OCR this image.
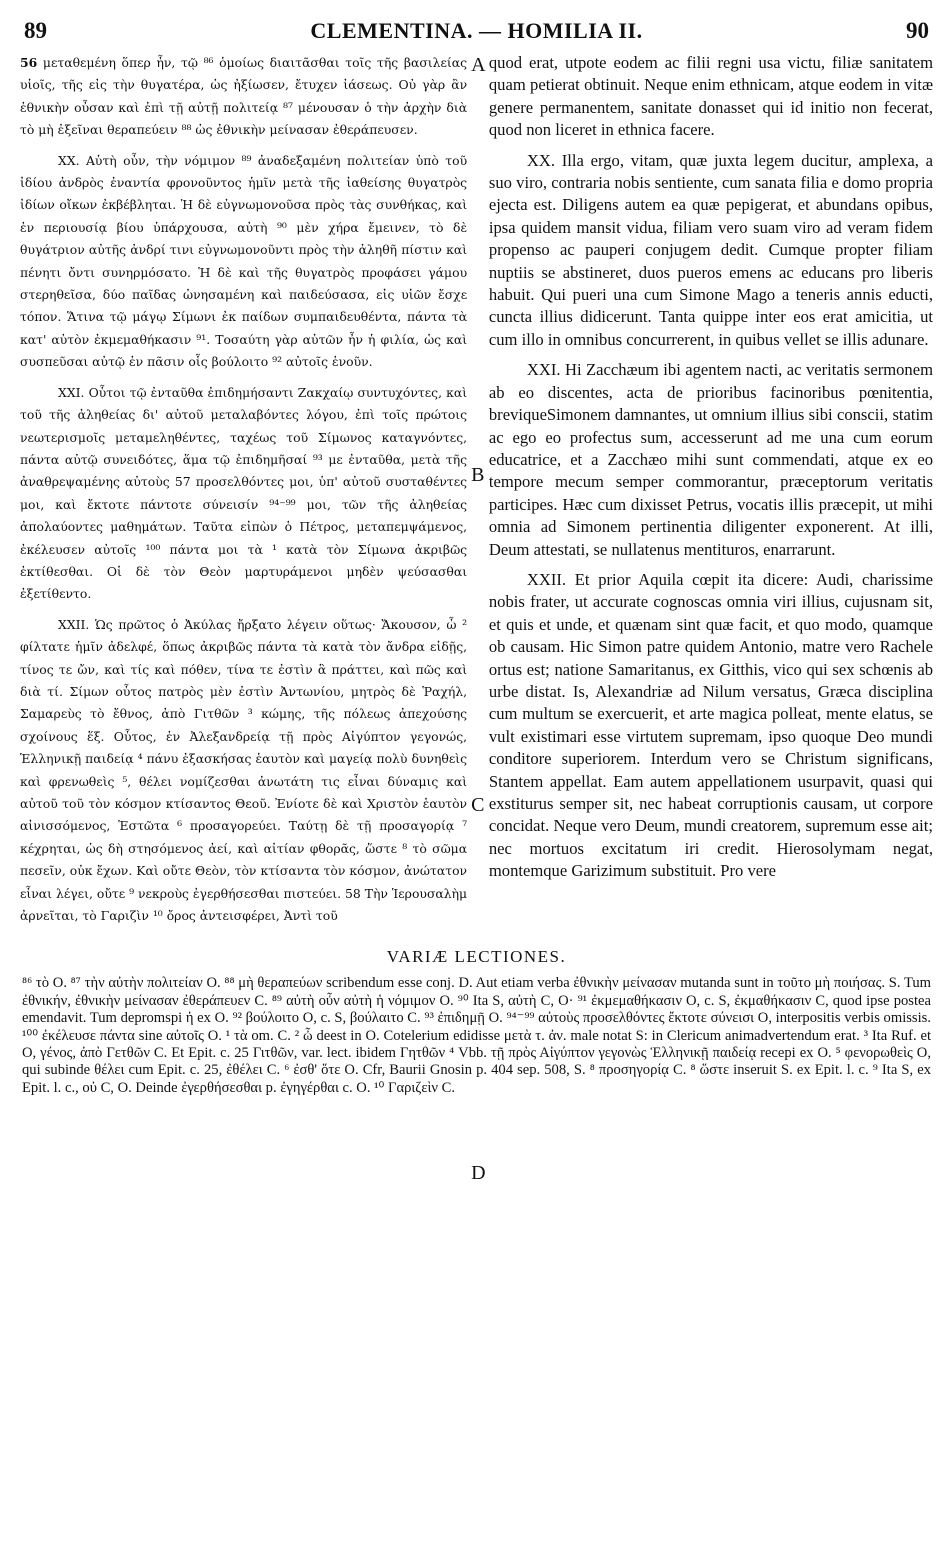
89	CLEMENTINA. — HOMILIA II.	90

56 μεταθεμένη ὅπερ ἦν, τῷ ⁸⁶ ὁμοίως διαιτᾶσθαι τοῖς τῆς βασιλείας υἱοῖς, τῆς εἰς τὴν θυγατέρα, ὡς ἠξίωσεν, ἔτυχεν ἰάσεως. Οὐ γὰρ ἂν ἐθνικὴν οὖσαν καὶ ἐπὶ τῇ αὐτῇ πολιτείᾳ ⁸⁷ μένουσαν ὁ τὴν ἀρχὴν διὰ τὸ μὴ ἐξεῖναι θεραπεύειν ⁸⁸ ὡς ἐθνικὴν μείνασαν ἐθεράπευσεν.

XX. Αὐτὴ οὖν, τὴν νόμιμον ⁸⁹ ἀναδεξαμένη πολιτείαν ὑπὸ τοῦ ἰδίου ἀνδρὸς ἐναντία φρονοῦντος ἡμῖν μετὰ τῆς ἰαθείσης θυγατρὸς ἰδίων οἴκων ἐκβέβληται. Ἡ δὲ εὐγνωμονοῦσα πρὸς τὰς συνθήκας, καὶ ἐν περιουσίᾳ βίου ὑπάρχουσα, αὐτὴ ⁹⁰ μὲν χήρα ἔμεινεν, τὸ δὲ θυγάτριον αὐτῆς ἀνδρί τινι εὐγνωμονοῦντι πρὸς τὴν ἀληθῆ πίστιν καὶ πένητι ὄντι συνηρμόσατο. Ἡ δὲ καὶ τῆς θυγατρὸς προφάσει γάμου στερηθεῖσα, δύο παῖδας ὠνησαμένη καὶ παιδεύσασα, εἰς υἱῶν ἔσχε τόπον. Ἅτινα τῷ μάγῳ Σίμωνι ἐκ παίδων συμπαιδευθέντα, πάντα τὰ κατ' αὐτὸν ἐκμεμαθήκασιν ⁹¹. Τοσαύτη γὰρ αὐτῶν ἦν ἡ φιλία, ὡς καὶ συσπεῦσαι αὐτῷ ἐν πᾶσιν οἷς βούλοιτο ⁹² αὐτοῖς ἑνοῦν.

XXI. Οὗτοι τῷ ἐνταῦθα ἐπιδημήσαντι Ζακχαίῳ συντυχόντες, καὶ τοῦ τῆς ἀληθείας δι' αὐτοῦ μεταλαβόντες λόγου, ἐπὶ τοῖς πρώτοις νεωτερισμοῖς μεταμεληθέντες, ταχέως τοῦ Σίμωνος καταγνόντες, πάντα αὐτῷ συνειδότες, ἅμα τῷ ἐπιδημῆσαί ⁹³ με ἐνταῦθα, μετὰ τῆς ἀναθρεψαμένης αὐτοὺς 57 προσελθόντες μοι, ὑπ' αὐτοῦ συσταθέντες μοι, καὶ ἔκτοτε πάντοτε σύνεισίν ⁹⁴⁻⁹⁹ μοι, τῶν τῆς ἀληθείας ἀπολαύοντες μαθημάτων. Ταῦτα εἰπὼν ὁ Πέτρος, μεταπεμψάμενος, ἐκέλευσεν αὐτοῖς ¹⁰⁰ πάντα μοι τὰ ¹ κατὰ τὸν Σίμωνα ἀκριβῶς ἐκτίθεσθαι. Οἱ δὲ τὸν Θεὸν μαρτυράμενοι μηδὲν ψεύσασθαι ἐξετίθεντο.

XXII. Ὡς πρῶτος ὁ Ἀκύλας ἤρξατο λέγειν οὕτως· Ἄκουσον, ὦ ² φίλτατε ἡμῖν ἀδελφέ, ὅπως ἀκριβῶς πάντα τὰ κατὰ τὸν ἄνδρα εἰδῇς, τίνος τε ὤν, καὶ τίς καὶ πόθεν, τίνα τε ἐστὶν ἃ πράττει, καὶ πῶς καὶ διὰ τί. Σίμων οὗτος πατρὸς μὲν ἐστὶν Ἀντωνίου, μητρὸς δὲ Ῥαχήλ, Σαμαρεὺς τὸ ἔθνος, ἀπὸ Γιτθῶν ³ κώμης, τῆς πόλεως ἀπεχούσης σχοίνους ἕξ. Οὗτος, ἐν Ἀλεξανδρείᾳ τῇ πρὸς Αἰγύπτον γεγονώς, Ἑλληνικῇ παιδείᾳ ⁴ πάνυ ἐξασκήσας ἑαυτὸν καὶ μαγείᾳ πολὺ δυνηθεὶς καὶ φρενωθεὶς ⁵, θέλει νομίζεσθαι ἀνωτάτη τις εἶναι δύναμις καὶ αὐτοῦ τοῦ τὸν κόσμον κτίσαντος Θεοῦ. Ἐνίοτε δὲ καὶ Χριστὸν ἑαυτὸν αἰνισσόμενος, Ἑστῶτα ⁶ προσαγορεύει. Ταύτῃ δὲ τῇ προσαγορίᾳ ⁷ κέχρηται, ὡς δὴ στησόμενος ἀεί, καὶ αἰτίαν φθορᾶς, ὥστε ⁸ τὸ σῶμα πεσεῖν, οὐκ ἔχων. Καὶ οὔτε Θεὸν, τὸν κτίσαντα τὸν κόσμον, ἀνώτατον εἶναι λέγει, οὔτε ⁹ νεκροὺς ἐγερθήσεσθαι πιστεύει. 58 Τὴν Ἱερουσαλὴμ ἀρνεῖται, τὸ Γαριζὶν ¹⁰ ὄρος ἀντεισφέρει, Ἀντὶ τοῦ

A
B
C
D

quod erat, utpote eodem ac filii regni usa victu, filiæ sanitatem quam petierat obtinuit. Neque enim ethnicam, atque eodem in vitæ genere permanentem, sanitate donasset qui id initio non fecerat, quod non liceret in ethnica facere.

XX. Illa ergo, vitam, quæ juxta legem ducitur, amplexa, a suo viro, contraria nobis sentiente, cum sanata filia e domo propria ejecta est. Diligens autem ea quæ pepigerat, et abundans opibus, ipsa quidem mansit vidua, filiam vero suam viro ad veram fidem propenso ac pauperi conjugem dedit. Cumque propter filiam nuptiis se abstineret, duos pueros emens ac educans pro liberis habuit. Qui pueri una cum Simone Mago a teneris annis educti, cuncta illius didicerunt. Tanta quippe inter eos erat amicitia, ut cum illo in omnibus concurrerent, in quibus vellet se illis adunare.

XXI. Hi Zacchæum ibi agentem nacti, ac veritatis sermonem ab eo discentes, acta de prioribus facinoribus pœnitentia, breviqueSimonem damnantes, ut omnium illius sibi conscii, statim ac ego eo profectus sum, accesserunt ad me una cum eorum educatrice, et a Zacchæo mihi sunt commendati, atque ex eo tempore mecum semper commorantur, præceptorum veritatis participes. Hæc cum dixisset Petrus, vocatis illis præcepit, ut mihi omnia ad Simonem pertinentia diligenter exponerent. At illi, Deum attestati, se nullatenus mentituros, enarrarunt.

XXII. Et prior Aquila cœpit ita dicere: Audi, charissime nobis frater, ut accurate cognoscas omnia viri illius, cujusnam sit, et quis et unde, et quænam sint quæ facit, et quo modo, quamque ob causam. Hic Simon patre quidem Antonio, matre vero Rachele ortus est; natione Samaritanus, ex Gitthis, vico qui sex schœnis ab urbe distat. Is, Alexandriæ ad Nilum versatus, Græca disciplina cum multum se exercuerit, et arte magica polleat, mente elatus, se vult existimari esse virtutem supremam, ipso quoque Deo mundi conditore superiorem. Interdum vero se Christum significans, Stantem appellat. Eam autem appellationem usurpavit, quasi qui exstiturus semper sit, nec habeat corruptionis causam, ut corpore concidat. Neque vero Deum, mundi creatorem, supremum esse ait; nec mortuos excitatum iri credit. Hierosolymam negat, montemque Garizimum substituit. Pro vere

VARIÆ LECTIONES.
⁸⁶ τὸ O. ⁸⁷ τὴν αὐτὴν πολιτείαν O. ⁸⁸ μὴ θεραπεύων scribendum esse conj. D. Aut etiam verba ἐθνικὴν μείνασαν mutanda sunt in τοῦτο μὴ ποιήσας. S. Tum ἐθνικήν, ἐθνικὴν μείνασαν ἐθεράπευεν C. ⁸⁹ αὐτὴ οὖν αὐτὴ ἡ νόμιμον O. ⁹⁰ Ita S, αὐτὴ C, O· ⁹¹ ἐκμεμαθήκασιν O, c. S, ἐκμαθήκασιν C, quod ipse postea emendavit. Tum depromspi ἡ ex O. ⁹² βούλοιτο O, c. S, βούλαιτο C. ⁹³ ἐπιδημῇ O. ⁹⁴⁻⁹⁹ αὐτοὺς προσελθόντες ἔκτοτε σύνεισι O, interpositis verbis omissis. ¹⁰⁰ ἐκέλευσε πάντα sine αὐτοῖς O. ¹ τὰ om. C. ² ὦ deest in O. Cotelerium edidisse μετὰ τ. ἀν. male notat S: in Clericum animadvertendum erat. ³ Ita Ruf. et O, γένος, ἀπὸ Γετθῶν C. Et Epit. c. 25 Γιτθῶν, var. lect. ibidem Γητθῶν ⁴ Vbb. τῇ πρὸς Αἰγύπτον γεγονὼς Ἑλληνικῇ παιδείᾳ recepi ex O. ⁵ φενορωθεὶς O, qui subinde θέλει cum Epit. c. 25, ἐθέλει C. ⁶ ἐσθ' ὅτε O. Cfr, Baurii Gnosin p. 404 sep. 508, S. ⁸ προσηγορίᾳ C. ⁸ ὥστε inseruit S. ex Epit. l. c. ⁹ Ita S, ex Epit. l. c., οὐ C, O. Deinde ἐγερθήσεσθαι p. ἐγηγέρθαι c. O. ¹⁰ Γαριζεὶν C.
